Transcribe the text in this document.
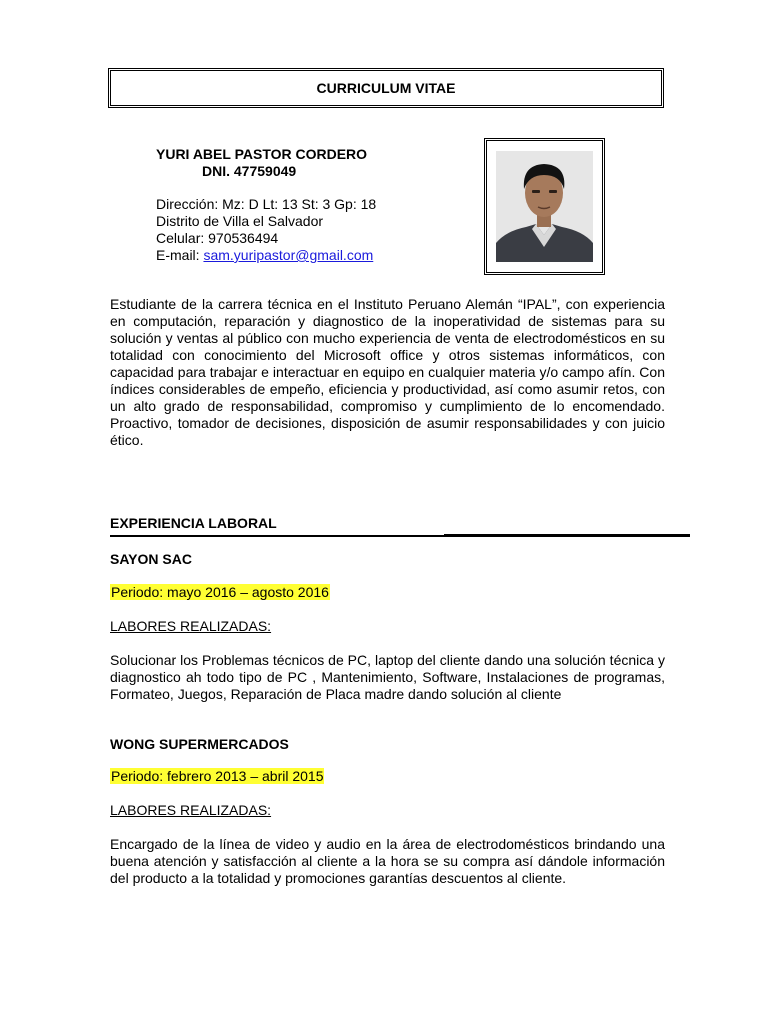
CURRICULUM VITAE
YURI ABEL PASTOR CORDERO
DNI. 47759049
Dirección: Mz: D Lt: 13 St: 3 Gp: 18
Distrito de Villa el Salvador
Celular: 970536494
E-mail: sam.yuripastor@gmail.com

Estudiante de la carrera técnica en el Instituto Peruano Alemán “IPAL”, con experiencia en computación, reparación y diagnostico de la inoperatividad de sistemas para su solución y ventas al público con mucho experiencia de venta de electrodomésticos en su totalidad con conocimiento del Microsoft office y otros sistemas informáticos, con capacidad para trabajar e interactuar en equipo en cualquier materia y/o campo afín. Con índices considerables de empeño, eficiencia y productividad, así como asumir retos, con un alto grado de responsabilidad, compromiso y cumplimiento de lo encomendado. Proactivo, tomador de decisiones, disposición de asumir responsabilidades y con juicio ético.

EXPERIENCIA LABORAL
SAYON SAC
Periodo: mayo 2016 – agosto 2016
LABORES REALIZADAS:

Solucionar los Problemas técnicos de PC, laptop del cliente dando una solución técnica y diagnostico ah todo tipo de PC , Mantenimiento, Software, Instalaciones de programas, Formateo, Juegos, Reparación de Placa madre dando solución al cliente

WONG SUPERMERCADOS
Periodo: febrero 2013 – abril 2015
LABORES REALIZADAS:

Encargado de la línea de video y audio en la área de electrodomésticos brindando una buena atención y satisfacción al cliente a la hora se su compra así dándole información del producto a la totalidad y promociones garantías descuentos al cliente.
